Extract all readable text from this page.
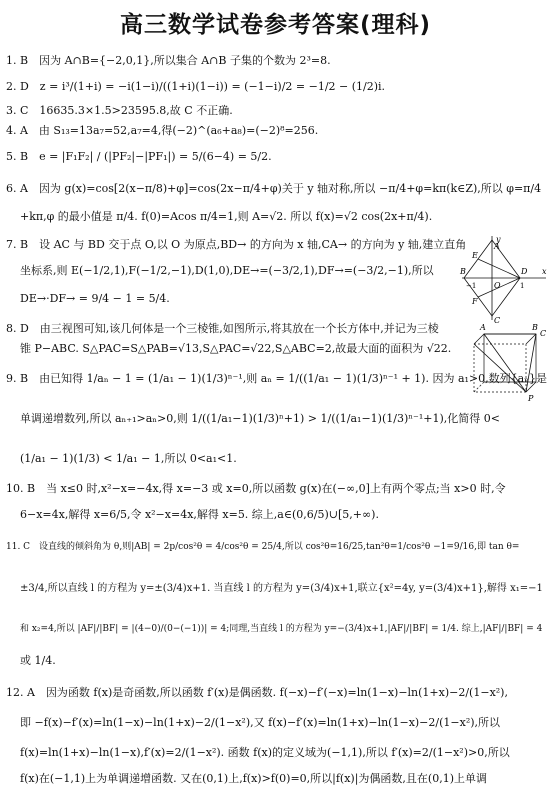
高三数学试卷参考答案(理科)
1. B　因为 A∩B={−2,0,1},所以集合 A∩B 子集的个数为 2³=8.
2. D　z = i³/(1+i) = −i(1−i)/((1+i)(1−i)) = (−1−i)/2 = −1/2 − (1/2)i.
3. C　16635.3×1.5>23595.8,故 C 不正确.
4. A　由 S₁₃=13a₇=52,a₇=4,得(−2)^(a₆+a₈)=(−2)⁸=256.
5. B　e = |F₁F₂| / (|PF₂|−|PF₁|) = 5/(6−4) = 5/2.
6. A　因为 g(x)=cos[2(x−π/8)+φ]=cos(2x−π/4+φ)关于 y 轴对称,所以 −π/4+φ=kπ(k∈Z),所以 φ=π/4
+kπ,φ 的最小值是 π/4. f(0)=Acos π/4=1,则 A=√2. 所以 f(x)=√2 cos(2x+π/4).
7. B　设 AC 与 BD 交于点 O,以 O 为原点,BD→ 的方向为 x 轴,CA→ 的方向为 y 轴,建立直角
坐标系,则 E(−1/2,1),F(−1/2,−1),D(1,0),DE→=(−3/2,1),DF→=(−3/2,−1),所以
DE→·DF→ = 9/4 − 1 = 5/4.
y
x
A
B
C
D
E
F
O
−1	1
8. D　由三视图可知,该几何体是一个三棱锥,如图所示,将其放在一个长方体中,并记为三棱
锥 P−ABC. S△PAC=S△PAB=√13,S△PAC=√22,S△ABC=2,故最大面的面积为 √22.
A	B
C
P
9. B　由已知得 1/aₙ − 1 = (1/a₁ − 1)(1/3)ⁿ⁻¹,则 aₙ = 1/((1/a₁ − 1)(1/3)ⁿ⁻¹ + 1). 因为 a₁>0,数列{aₙ}是
单调递增数列,所以 aₙ₊₁>aₙ>0,则 1/((1/a₁−1)(1/3)ⁿ+1) > 1/((1/a₁−1)(1/3)ⁿ⁻¹+1),化简得 0<
(1/a₁ − 1)(1/3) < 1/a₁ − 1,所以 0<a₁<1.
10. B　当 x≤0 时,x²−x=−4x,得 x=−3 或 x=0,所以函数 g(x)在(−∞,0]上有两个零点;当 x>0 时,令
6−x=4x,解得 x=6/5,令 x²−x=4x,解得 x=5. 综上,a∈(0,6/5)∪[5,+∞).
11. C　设直线的倾斜角为 θ,则|AB| = 2p/cos²θ = 4/cos²θ = 25/4,所以 cos²θ=16/25,tan²θ=1/cos²θ −1=9/16,即 tan θ=
±3/4,所以直线 l 的方程为 y=±(3/4)x+1. 当直线 l 的方程为 y=(3/4)x+1,联立{x²=4y, y=(3/4)x+1},解得 x₁=−1
和 x₂=4,所以 |AF|/|BF| = |(4−0)/(0−(−1))| = 4;同理,当直线 l 的方程为 y=−(3/4)x+1,|AF|/|BF| = 1/4. 综上,|AF|/|BF| = 4
或 1/4.
12. A　因为函数 f(x)是奇函数,所以函数 f′(x)是偶函数. f(−x)−f′(−x)=ln(1−x)−ln(1+x)−2/(1−x²),
即 −f(x)−f′(x)=ln(1−x)−ln(1+x)−2/(1−x²),又 f(x)−f′(x)=ln(1+x)−ln(1−x)−2/(1−x²),所以
f(x)=ln(1+x)−ln(1−x),f′(x)=2/(1−x²). 函数 f(x)的定义域为(−1,1),所以 f′(x)=2/(1−x²)>0,所以
f(x)在(−1,1)上为单调递增函数. 又在(0,1)上,f(x)>f(0)=0,所以|f(x)|为偶函数,且在(0,1)上单调
